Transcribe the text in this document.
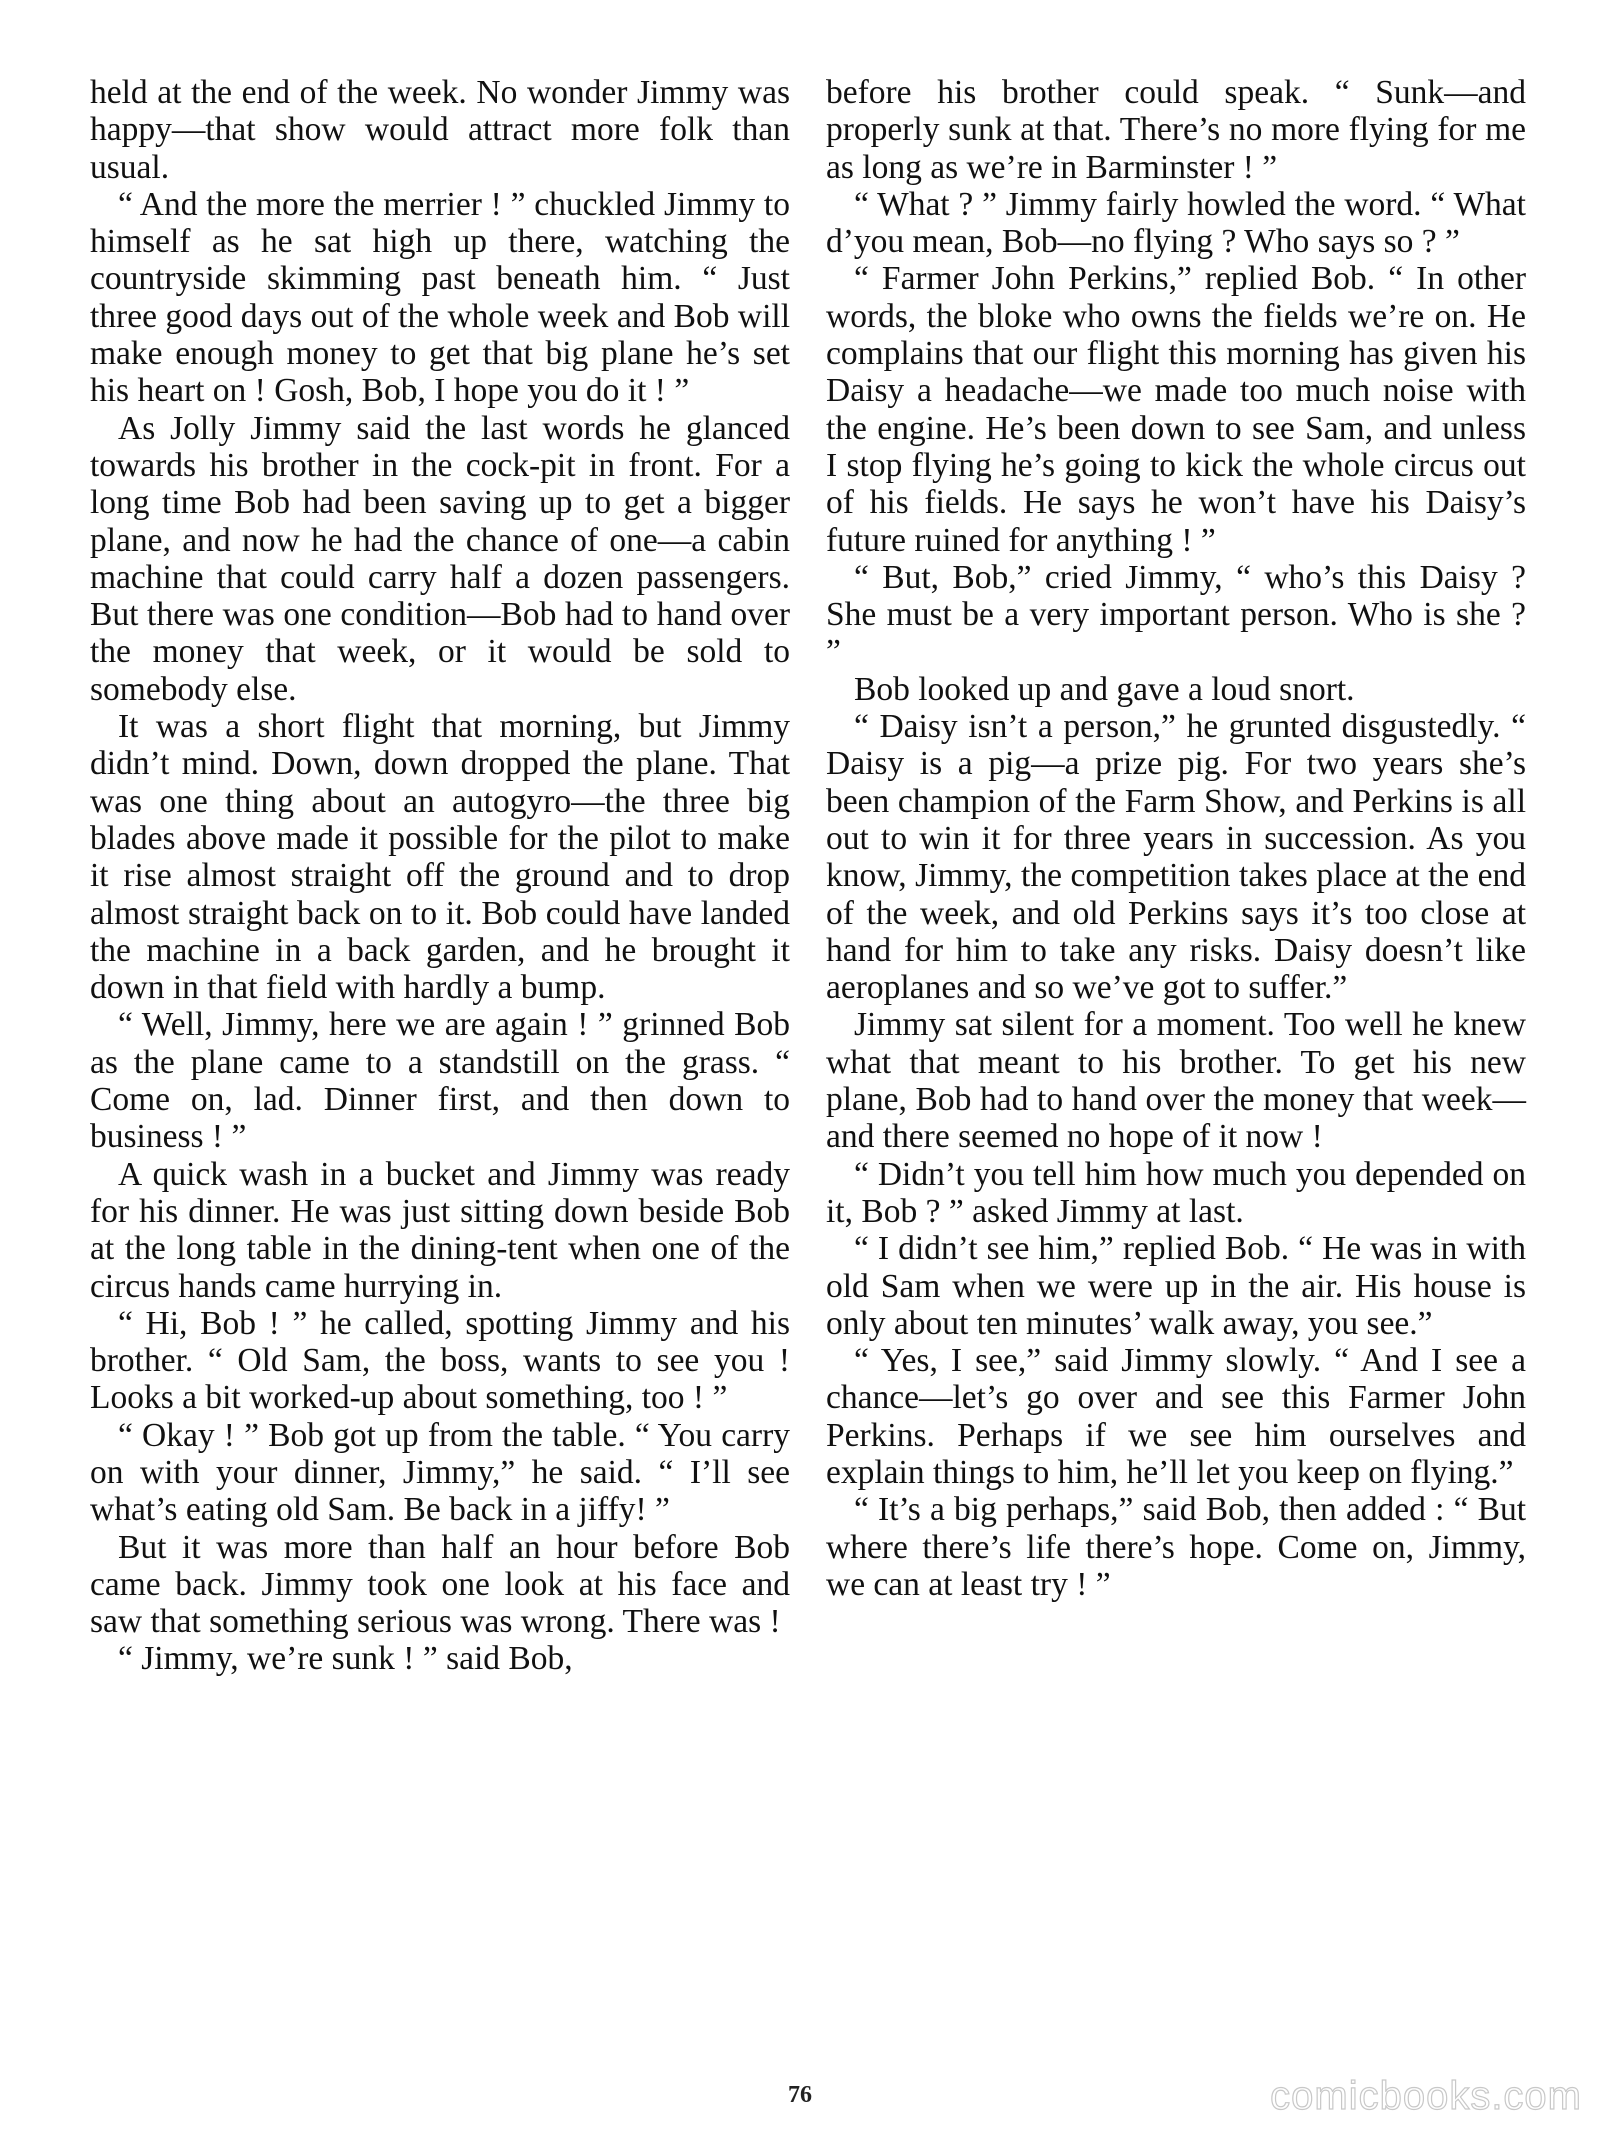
held at the end of the week. No wonder Jimmy was happy—that show would attract more folk than usual.

“ And the more the merrier ! ” chuckled Jimmy to himself as he sat high up there, watching the countryside skimming past beneath him. “ Just three good days out of the whole week and Bob will make enough money to get that big plane he’s set his heart on ! Gosh, Bob, I hope you do it ! ”

As Jolly Jimmy said the last words he glanced towards his brother in the cock-pit in front. For a long time Bob had been saving up to get a bigger plane, and now he had the chance of one—a cabin machine that could carry half a dozen passengers. But there was one condition—Bob had to hand over the money that week, or it would be sold to somebody else.

It was a short flight that morning, but Jimmy didn’t mind. Down, down dropped the plane. That was one thing about an autogyro—the three big blades above made it possible for the pilot to make it rise almost straight off the ground and to drop almost straight back on to it. Bob could have landed the machine in a back garden, and he brought it down in that field with hardly a bump.

“ Well, Jimmy, here we are again ! ” grinned Bob as the plane came to a standstill on the grass. “ Come on, lad. Dinner first, and then down to business ! ”

A quick wash in a bucket and Jimmy was ready for his dinner. He was just sitting down beside Bob at the long table in the dining-tent when one of the circus hands came hurrying in.

“ Hi, Bob ! ” he called, spotting Jimmy and his brother. “ Old Sam, the boss, wants to see you ! Looks a bit worked-up about something, too ! ”

“ Okay ! ” Bob got up from the table. “ You carry on with your dinner, Jimmy,” he said. “ I’ll see what’s eating old Sam. Be back in a jiffy! ”

But it was more than half an hour before Bob came back. Jimmy took one look at his face and saw that something serious was wrong. There was !

“ Jimmy, we’re sunk ! ” said Bob,

before his brother could speak. “ Sunk—and properly sunk at that. There’s no more flying for me as long as we’re in Barminster ! ”

“ What ? ” Jimmy fairly howled the word. “ What d’you mean, Bob—no flying ? Who says so ? ”

“ Farmer John Perkins,” replied Bob. “ In other words, the bloke who owns the fields we’re on. He complains that our flight this morning has given his Daisy a headache—we made too much noise with the engine. He’s been down to see Sam, and unless I stop flying he’s going to kick the whole circus out of his fields. He says he won’t have his Daisy’s future ruined for anything ! ”

“ But, Bob,” cried Jimmy, “ who’s this Daisy ? She must be a very important person. Who is she ? ”

Bob looked up and gave a loud snort.

“ Daisy isn’t a person,” he grunted disgustedly. “ Daisy is a pig—a prize pig. For two years she’s been champion of the Farm Show, and Perkins is all out to win it for three years in succession. As you know, Jimmy, the competition takes place at the end of the week, and old Perkins says it’s too close at hand for him to take any risks. Daisy doesn’t like aeroplanes and so we’ve got to suffer.”

Jimmy sat silent for a moment. Too well he knew what that meant to his brother. To get his new plane, Bob had to hand over the money that week—and there seemed no hope of it now !

“ Didn’t you tell him how much you depended on it, Bob ? ” asked Jimmy at last.

“ I didn’t see him,” replied Bob. “ He was in with old Sam when we were up in the air. His house is only about ten minutes’ walk away, you see.”

“ Yes, I see,” said Jimmy slowly. “ And I see a chance—let’s go over and see this Farmer John Perkins. Perhaps if we see him ourselves and explain things to him, he’ll let you keep on flying.”

“ It’s a big perhaps,” said Bob, then added : “ But where there’s life there’s hope. Come on, Jimmy, we can at least try ! ”

76	comicbooks.com
